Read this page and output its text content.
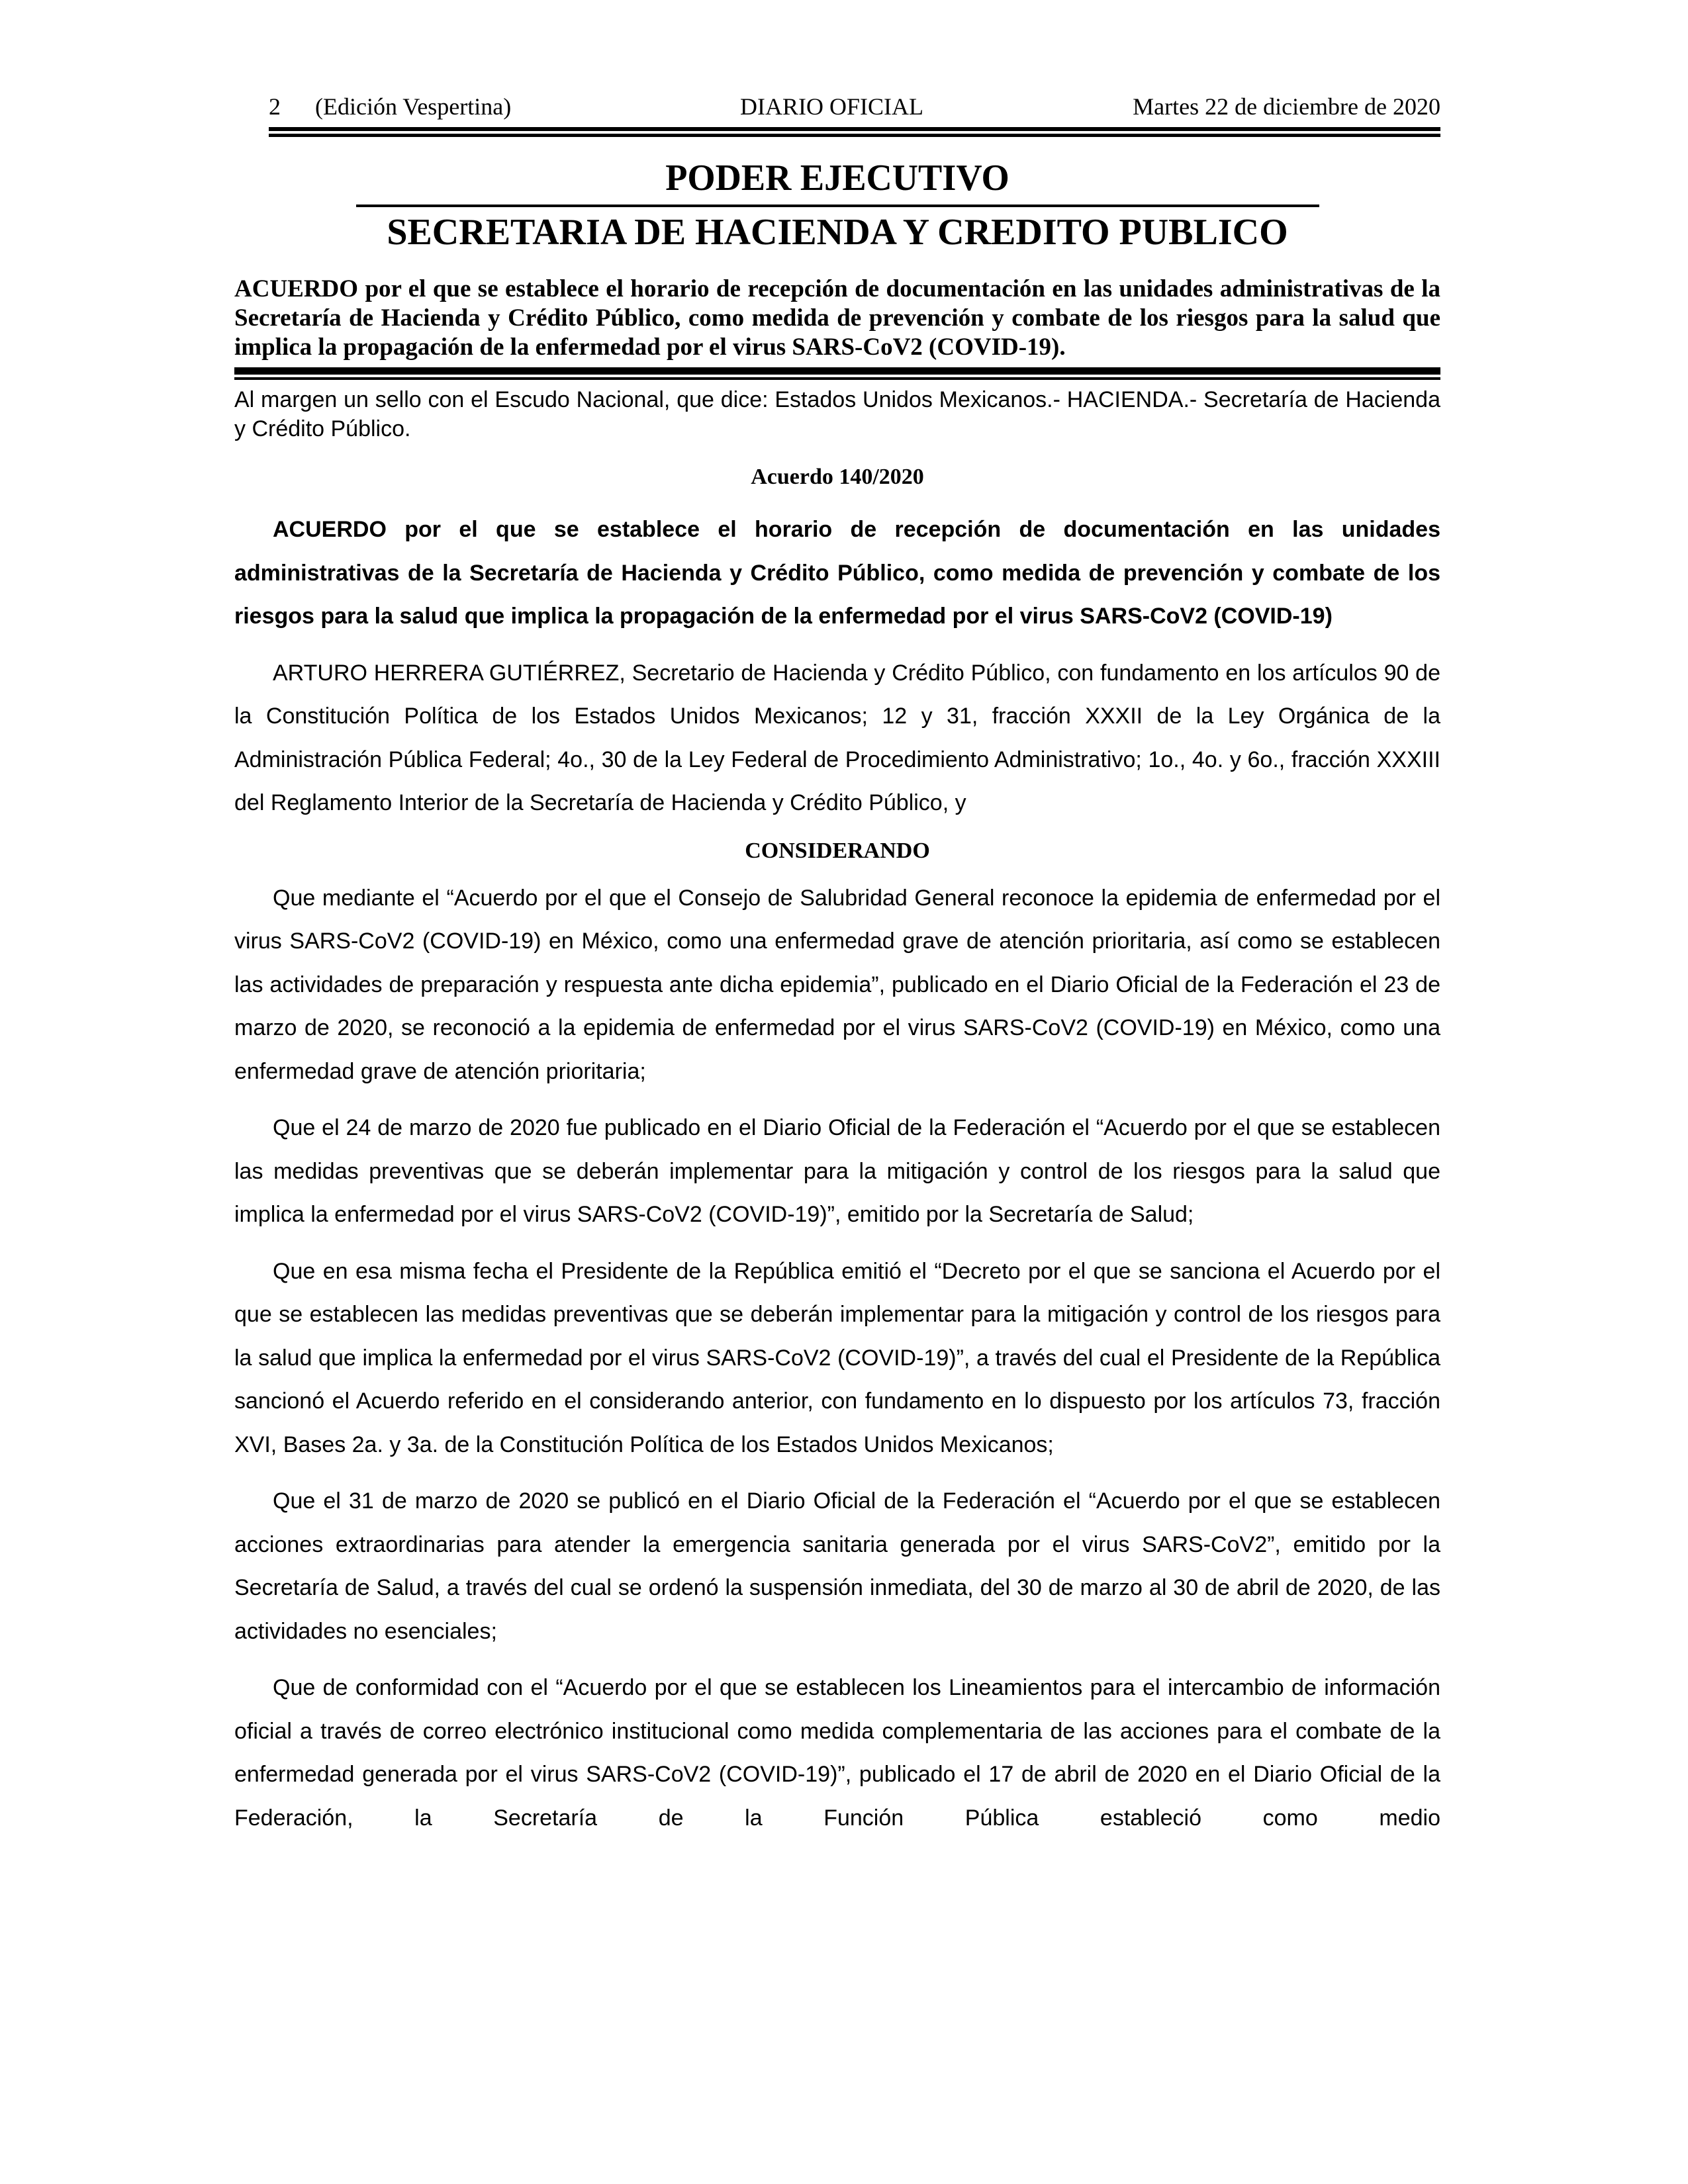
2 (Edición Vespertina)	DIARIO OFICIAL	Martes 22 de diciembre de 2020
PODER EJECUTIVO
SECRETARIA DE HACIENDA Y CREDITO PUBLICO
ACUERDO por el que se establece el horario de recepción de documentación en las unidades administrativas de la Secretaría de Hacienda y Crédito Público, como medida de prevención y combate de los riesgos para la salud que implica la propagación de la enfermedad por el virus SARS-CoV2 (COVID-19).
Al margen un sello con el Escudo Nacional, que dice: Estados Unidos Mexicanos.- HACIENDA.- Secretaría de Hacienda y Crédito Público.
Acuerdo 140/2020

ACUERDO por el que se establece el horario de recepción de documentación en las unidades administrativas de la Secretaría de Hacienda y Crédito Público, como medida de prevención y combate de los riesgos para la salud que implica la propagación de la enfermedad por el virus SARS-CoV2 (COVID-19)

ARTURO HERRERA GUTIÉRREZ, Secretario de Hacienda y Crédito Público, con fundamento en los artículos 90 de la Constitución Política de los Estados Unidos Mexicanos; 12 y 31, fracción XXXII de la Ley Orgánica de la Administración Pública Federal; 4o., 30 de la Ley Federal de Procedimiento Administrativo; 1o., 4o. y 6o., fracción XXXIII del Reglamento Interior de la Secretaría de Hacienda y Crédito Público, y

CONSIDERANDO

Que mediante el “Acuerdo por el que el Consejo de Salubridad General reconoce la epidemia de enfermedad por el virus SARS-CoV2 (COVID-19) en México, como una enfermedad grave de atención prioritaria, así como se establecen las actividades de preparación y respuesta ante dicha epidemia”, publicado en el Diario Oficial de la Federación el 23 de marzo de 2020, se reconoció a la epidemia de enfermedad por el virus SARS-CoV2 (COVID-19) en México, como una enfermedad grave de atención prioritaria;

Que el 24 de marzo de 2020 fue publicado en el Diario Oficial de la Federación el “Acuerdo por el que se establecen las medidas preventivas que se deberán implementar para la mitigación y control de los riesgos para la salud que implica la enfermedad por el virus SARS-CoV2 (COVID-19)”, emitido por la Secretaría de Salud;

Que en esa misma fecha el Presidente de la República emitió el “Decreto por el que se sanciona el Acuerdo por el que se establecen las medidas preventivas que se deberán implementar para la mitigación y control de los riesgos para la salud que implica la enfermedad por el virus SARS-CoV2 (COVID-19)”, a través del cual el Presidente de la República sancionó el Acuerdo referido en el considerando anterior, con fundamento en lo dispuesto por los artículos 73, fracción XVI, Bases 2a. y 3a. de la Constitución Política de los Estados Unidos Mexicanos;

Que el 31 de marzo de 2020 se publicó en el Diario Oficial de la Federación el “Acuerdo por el que se establecen acciones extraordinarias para atender la emergencia sanitaria generada por el virus SARS-CoV2”, emitido por la Secretaría de Salud, a través del cual se ordenó la suspensión inmediata, del 30 de marzo al 30 de abril de 2020, de las actividades no esenciales;

Que de conformidad con el “Acuerdo por el que se establecen los Lineamientos para el intercambio de información oficial a través de correo electrónico institucional como medida complementaria de las acciones para el combate de la enfermedad generada por el virus SARS-CoV2 (COVID-19)”, publicado el 17 de abril de 2020 en el Diario Oficial de la Federación, la Secretaría de la Función Pública estableció como medio
